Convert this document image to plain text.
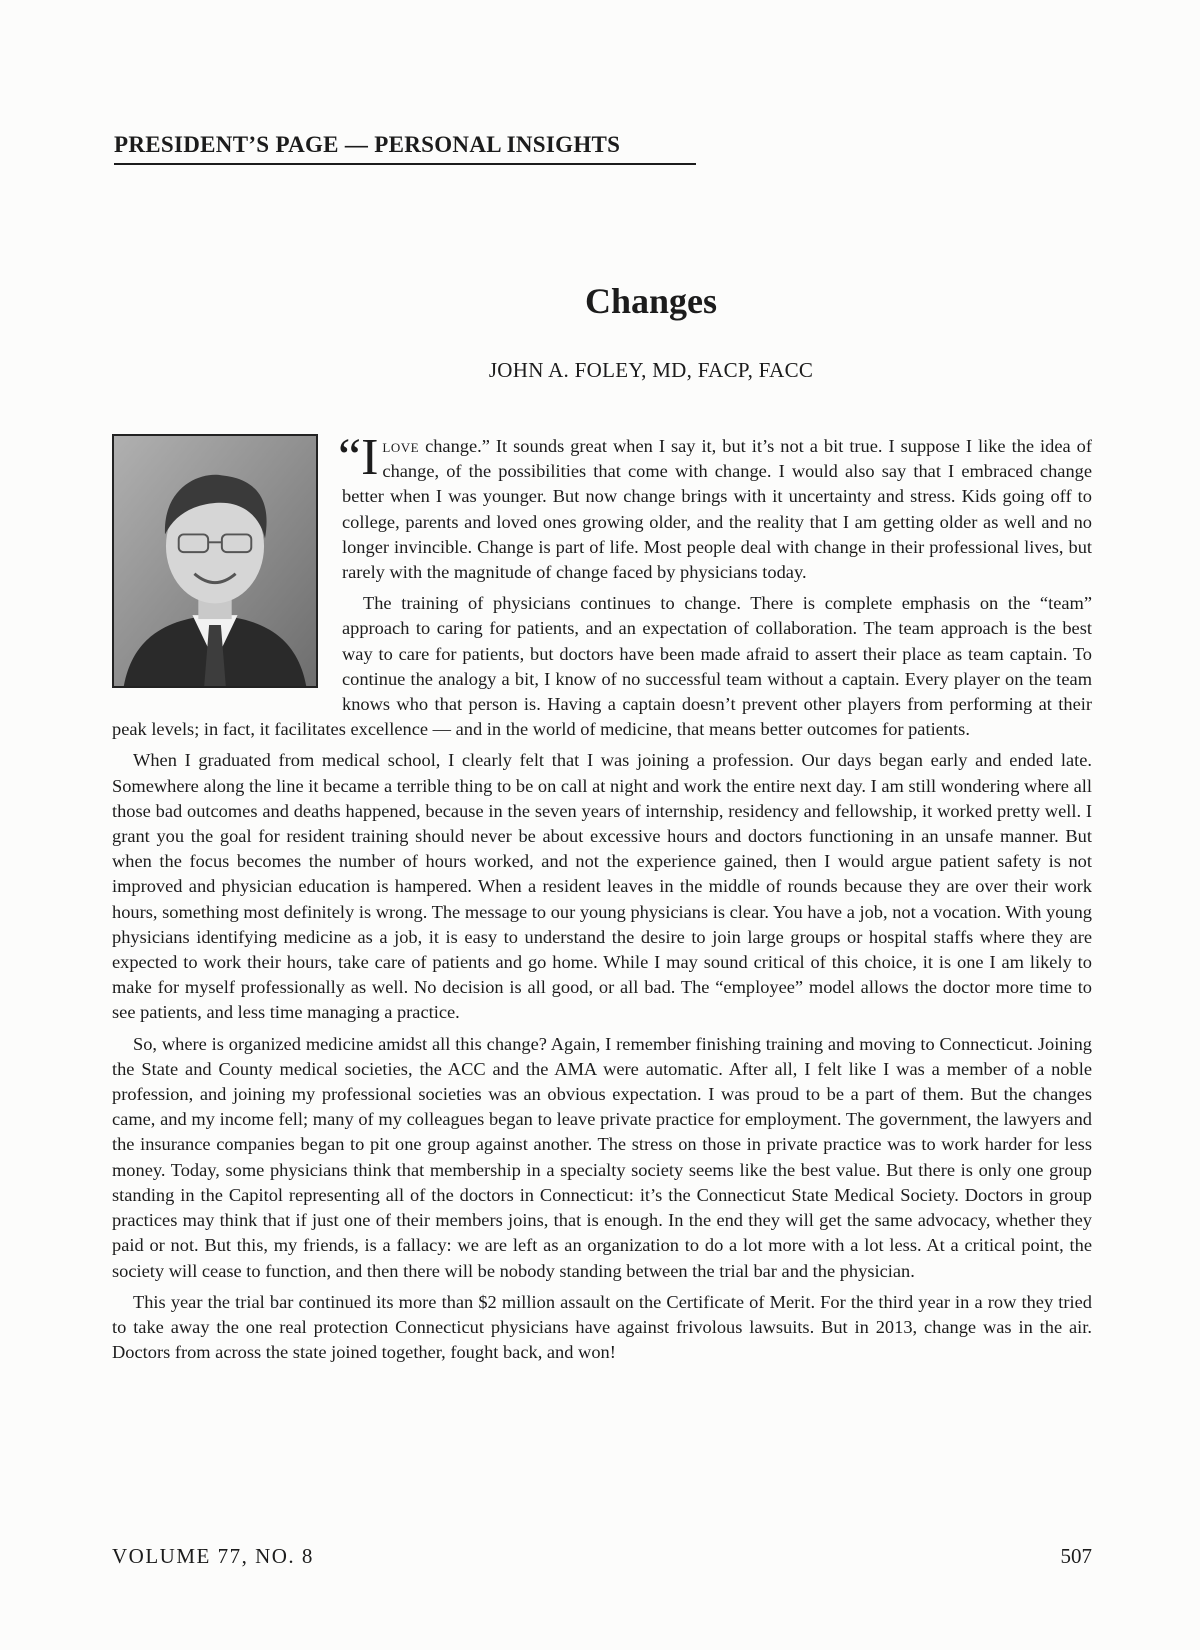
PRESIDENT’S PAGE — PERSONAL INSIGHTS
Changes
JOHN A. FOLEY, MD, FACP, FACC

“Ilove change.” It sounds great when I say it, but it’s not a bit true. I suppose I like the idea of change, of the possibilities that come with change. I would also say that I embraced change better when I was younger. But now change brings with it uncertainty and stress. Kids going off to college, parents and loved ones growing older, and the reality that I am getting older as well and no longer invincible. Change is part of life. Most people deal with change in their professional lives, but rarely with the magnitude of change faced by physicians today.

The training of physicians continues to change. There is complete emphasis on the “team” approach to caring for patients, and an expectation of collaboration. The team approach is the best way to care for patients, but doctors have been made afraid to assert their place as team captain. To continue the analogy a bit, I know of no successful team without a captain. Every player on the team knows who that person is. Having a captain doesn’t prevent other players from performing at their peak levels; in fact, it facilitates excellence — and in the world of medicine, that means better outcomes for patients.

When I graduated from medical school, I clearly felt that I was joining a profession. Our days began early and ended late. Somewhere along the line it became a terrible thing to be on call at night and work the entire next day. I am still wondering where all those bad outcomes and deaths happened, because in the seven years of internship, residency and fellowship, it worked pretty well. I grant you the goal for resident training should never be about excessive hours and doctors functioning in an unsafe manner. But when the focus becomes the number of hours worked, and not the experience gained, then I would argue patient safety is not improved and physician education is hampered. When a resident leaves in the middle of rounds because they are over their work hours, something most definitely is wrong. The message to our young physicians is clear. You have a job, not a vocation. With young physicians identifying medicine as a job, it is easy to understand the desire to join large groups or hospital staffs where they are expected to work their hours, take care of patients and go home. While I may sound critical of this choice, it is one I am likely to make for myself professionally as well. No decision is all good, or all bad. The “employee” model allows the doctor more time to see patients, and less time managing a practice.

So, where is organized medicine amidst all this change? Again, I remember finishing training and moving to Connecticut. Joining the State and County medical societies, the ACC and the AMA were automatic. After all, I felt like I was a member of a noble profession, and joining my professional societies was an obvious expectation. I was proud to be a part of them. But the changes came, and my income fell; many of my colleagues began to leave private practice for employment. The government, the lawyers and the insurance companies began to pit one group against another. The stress on those in private practice was to work harder for less money. Today, some physicians think that membership in a specialty society seems like the best value. But there is only one group standing in the Capitol representing all of the doctors in Connecticut: it’s the Connecticut State Medical Society. Doctors in group practices may think that if just one of their members joins, that is enough. In the end they will get the same advocacy, whether they paid or not. But this, my friends, is a fallacy: we are left as an organization to do a lot more with a lot less. At a critical point, the society will cease to function, and then there will be nobody standing between the trial bar and the physician.

This year the trial bar continued its more than $2 million assault on the Certificate of Merit. For the third year in a row they tried to take away the one real protection Connecticut physicians have against frivolous lawsuits. But in 2013, change was in the air. Doctors from across the state joined together, fought back, and won!

VOLUME 77, NO. 8	507
